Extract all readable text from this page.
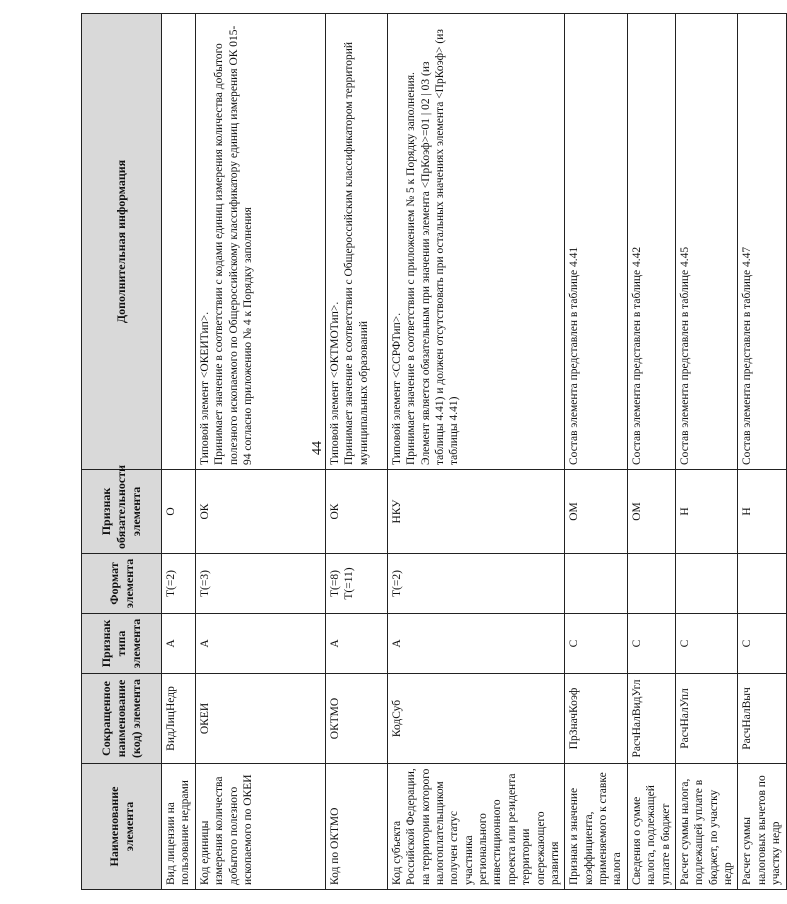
44
Наименование элемента	Сокращенное наименование (код) элемента	Признак типа элемента	Формат элемента	Признак обязательности элемента	Дополнительная информация
Вид лицензии на пользование недрами	ВидЛицНедр	А	Т(=2)	О	

Код единицы измерения количества добытого полезного ископаемого по ОКЕИ	ОКЕИ	А	Т(=3)	ОК	Типовой элемент <ОКЕИТип>. Принимает значение в соответствии с кодами единиц измерения количества добытого полезного ископаемого по Общероссийскому классификатору единиц измерения ОК 015-94 согласно приложению № 4 к Порядку заполнения

Код по ОКТМО	ОКТМО	А	Т(=8) Т(=11)	ОК	Типовой элемент <ОКТМОТип>. Принимает значение в соответствии с Общероссийским классификатором территорий муниципальных образований

Код субъекта Российской Федерации, на территории которого налогоплательщиком получен статус участника регионального инвестиционного проекта или резидента территории опережающего развития	КодСуб	А	Т(=2)	НКУ	Типовой элемент <ССРФТип>. Принимает значение в соответствии с приложением № 5 к Порядку заполнения. Элемент является обязательным при значении элемента <ПрКоэф>=01 | 02 | 03 (из таблицы 4.41) и должен отсутствовать при остальных значениях элемента <ПрКоэф> (из таблицы 4.41)

Признак и значение коэффициента, применяемого к ставке налога	ПрЗначКоэф	С		ОМ	Состав элемента представлен в таблице 4.41

Сведения о сумме налога, подлежащей уплате в бюджет	РасчНалВидУгл	С		ОМ	Состав элемента представлен в таблице 4.42

Расчет суммы налога, подлежащей уплате в бюджет, по участку недр	РасчНалУпл	С		Н	Состав элемента представлен в таблице 4.45

Расчет суммы налоговых вычетов по участку недр	РасчНалВыч	С		Н	Состав элемента представлен в таблице 4.47
